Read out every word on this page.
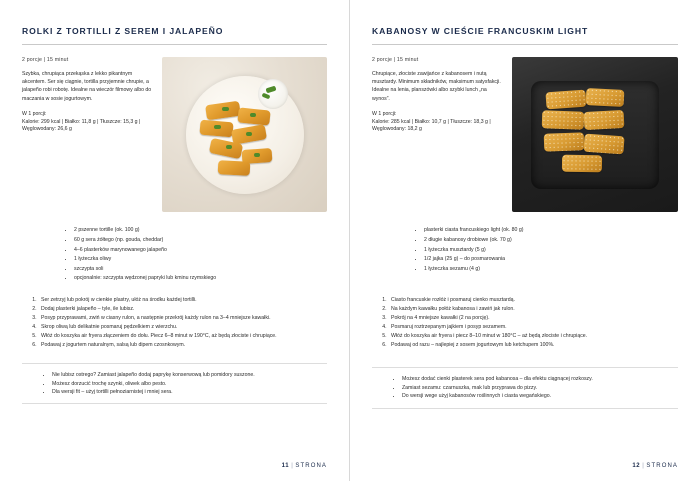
ROLKI Z TORTILLI Z SEREM I JALAPEÑO
2 porcje | 15 minut
Szybka, chrupiąca przekąska z lekko pikantnym akcentem. Ser się ciągnie, tortilla przyjemnie chrupie, a jalapeño robi robotę. Idealne na wieczór filmowy albo do maczania w sosie jogurtowym.
W 1 porcji:
Kalorie: 299 kcal | Białko: 11,8 g | Tłuszcze: 15,3 g | Węglowodany: 26,6 g
• 2 pszenne tortille (ok. 100 g)
• 60 g sera żółtego (np. gouda, cheddar)
• 4–6 plasterków marynowanego jalapeño
• 1 łyżeczka oliwy
• szczypta soli
• opcjonalnie: szczypta wędzonej papryki lub kminu rzymskiego
1. Ser zetrzyj lub pokrój w cienkie plastry, ułóż na środku każdej tortilli.
2. Dodaj plasterki jalapeño – tyle, ile lubisz.
3. Posyp przyprawami, zwiń w ciasny rulon, a następnie przekrój każdy rulon na 3–4 mniejsze kawałki.
4. Skrop oliwą lub delikatnie posmaruj pędzelkiem z wierzchu.
5. Włóż do koszyka air fryera złączeniem do dołu. Piecz 6–8 minut w 190°C, aż będą złociste i chrupiące.
6. Podawaj z jogurtem naturalnym, salsą lub dipem czosnkowym.
• Nie lubisz ostrego? Zamiast jalapeño dodaj paprykę konserwową lub pomidory suszone.
• Możesz dorzucić trochę szynki, oliwek albo pesto.
• Dla wersji fit – użyj tortilli pełnoziarnistej i mniej sera.
11 | STRONA
KABANOSY W CIEŚCIE FRANCUSKIM LIGHT
2 porcje | 15 minut
Chrupiące, złociste zawijańce z kabanosem i nutą musztardy. Minimum składników, maksimum satysfakcji. Idealne na lenia, planszówki albo szybki lunch „na wynos”.
W 1 porcji:
Kalorie: 285 kcal | Białko: 10,7 g | Tłuszcze: 18,3 g | Węglowodany: 18,2 g
• plasterki ciasta francuskiego light (ok. 80 g)
• 2 długie kabanosy drobiowe (ok. 70 g)
• 1 łyżeczka musztardy (5 g)
• 1/2 jajka (25 g) – do posmarowania
• 1 łyżeczka sezamu (4 g)
1. Ciasto francuskie rozłóż i posmaruj cienko musztardą.
2. Na każdym kawałku połóż kabanosa i zawiń jak rulon.
3. Pokrój na 4 mniejsze kawałki (2 na porcję).
4. Posmaruj roztrzepanym jajkiem i posyp sezamem.
5. Włóż do koszyka air fryera i piecz 8–10 minut w 180°C – aż będą złociste i chrupiące.
6. Podawaj od razu – najlepiej z sosem jogurtowym lub ketchupem 100%.
• Możesz dodać cienki plasterek sera pod kabanosa – dla efektu ciągnącej rozkoszy.
• Zamiast sezamu: czarnuszka, mak lub przyprawa do pizzy.
• Do wersji wege użyj kabanosów roślinnych i ciasta wegańskiego.
12 | STRONA
